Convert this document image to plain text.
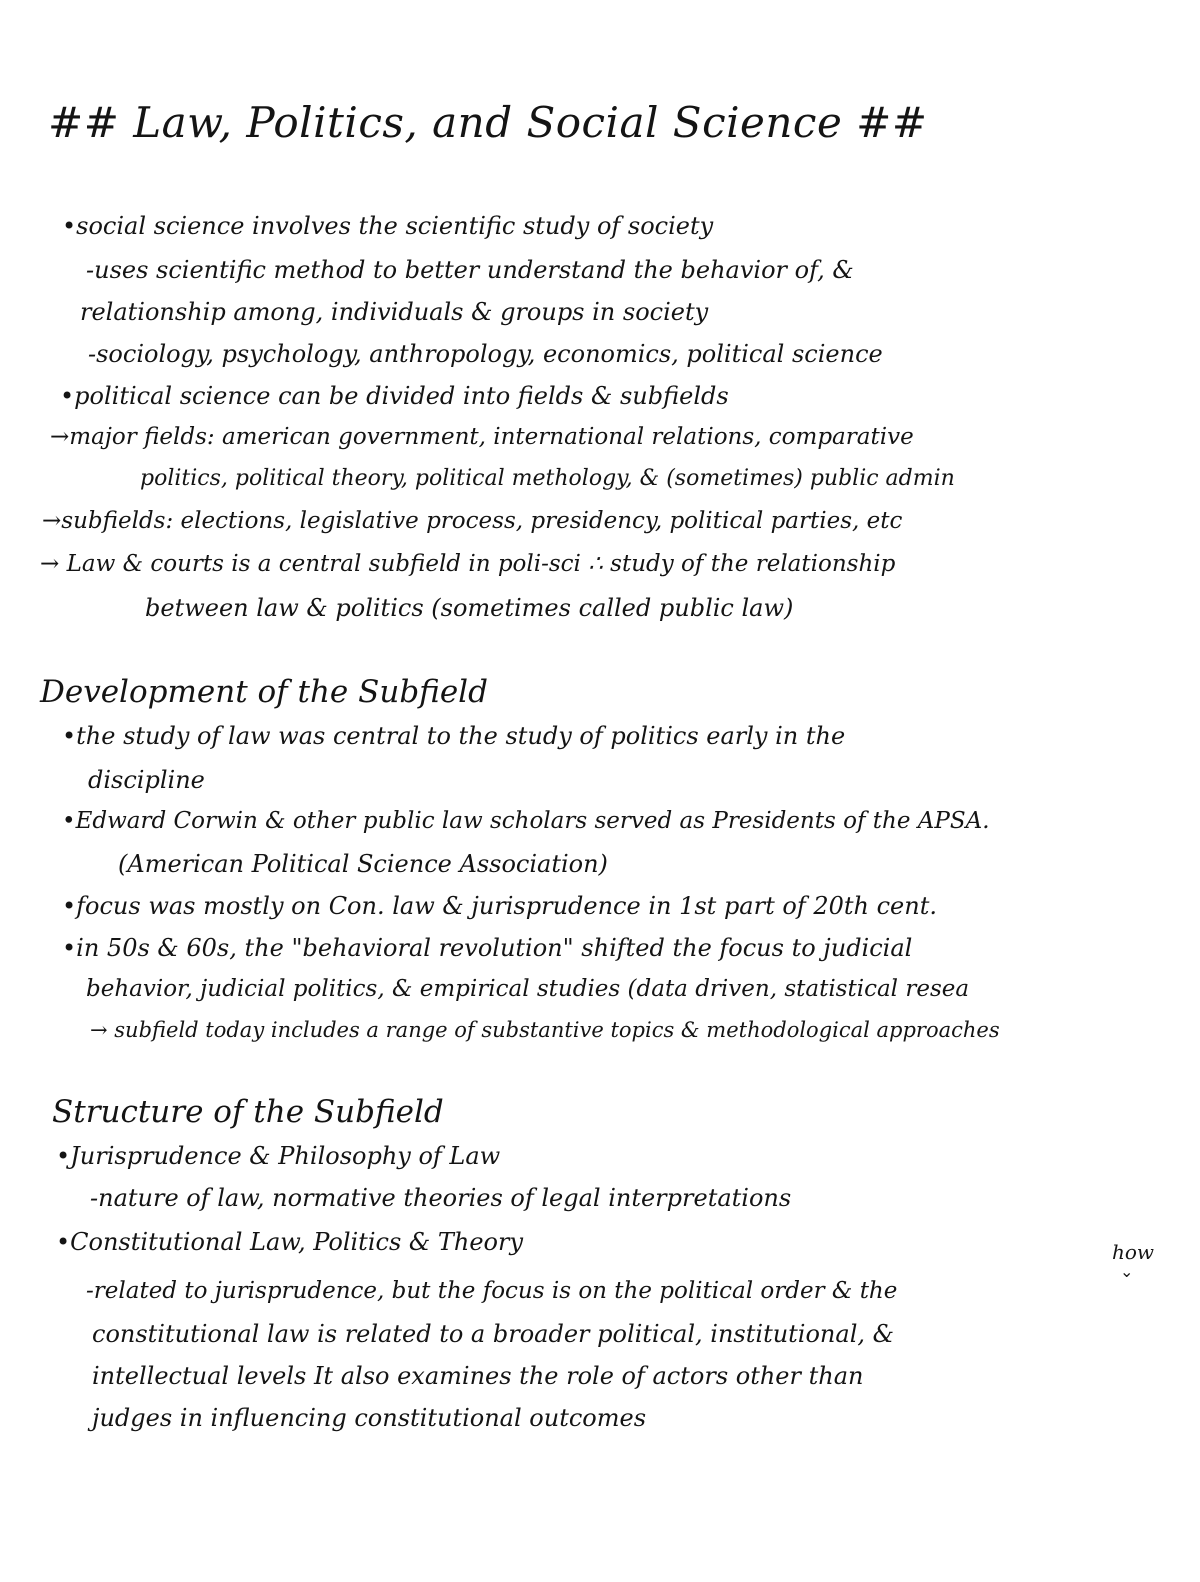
## Law, Politics, and Social Science ##
•social science involves the scientific study of society
-uses scientific method to better understand the behavior of, &
relationship among, individuals & groups in society
-sociology, psychology, anthropology, economics, political science
•political science can be divided into fields & subfields
→major fields: american government, international relations, comparative
politics, political theory, political methology, & (sometimes) public admin
→subfields: elections, legislative process, presidency, political parties, etc
→ Law & courts is a central subfield in poli-sci ∴ study of the relationship
between law & politics (sometimes called public law)
Development of the Subfield
•the study of law was central to the study of politics early in the
discipline
•Edward Corwin & other public law scholars served as Presidents of the APSA.
(American Political Science Association)
•focus was mostly on Con. law & jurisprudence in 1st part of 20th cent.
•in 50s & 60s, the "behavioral revolution" shifted the focus to judicial
behavior, judicial politics, & empirical studies (data driven, statistical resea
→ subfield today includes a range of substantive topics & methodological approaches
Structure of the Subfield
•Jurisprudence & Philosophy of Law
-nature of law, normative theories of legal interpretations
•Constitutional Law, Politics & Theory	how
⌄
-related to jurisprudence, but the focus is on the political order & the
constitutional law is related to a broader political, institutional, &
intellectual levels It also examines the role of actors other than
judges in influencing constitutional outcomes
